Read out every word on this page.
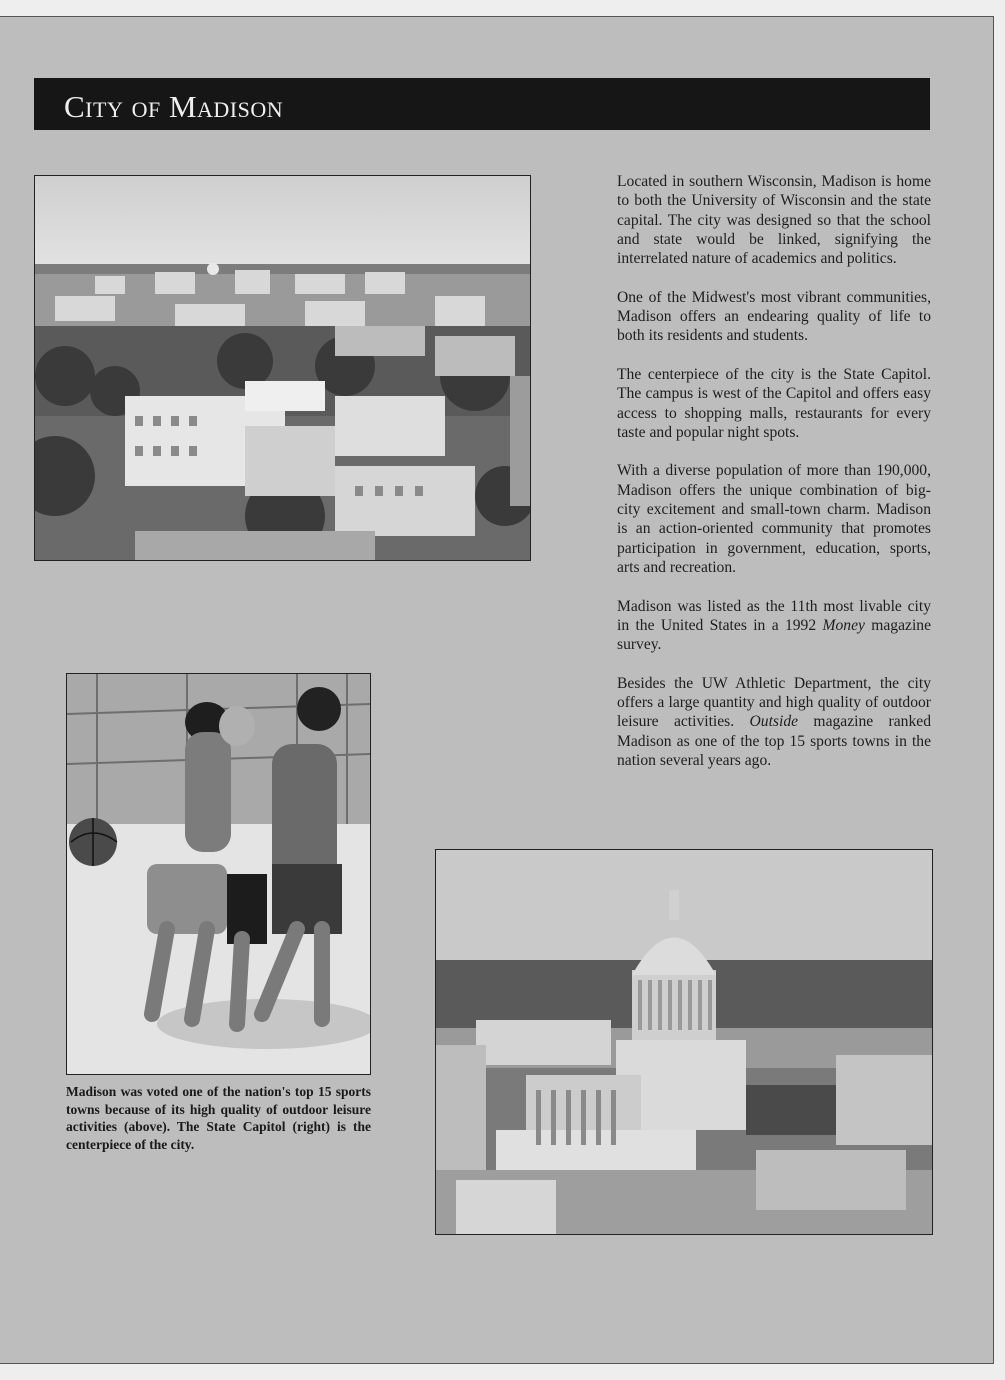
City of Madison

Located in southern Wisconsin, Madison is home to both the University of Wisconsin and the state capital. The city was designed so that the school and state would be linked, signifying the interrelated nature of academics and politics.

One of the Midwest's most vibrant communities, Madison offers an endearing quality of life to both its residents and students.

The centerpiece of the city is the State Capitol. The campus is west of the Capitol and offers easy access to shopping malls, restaurants for every taste and popular night spots.

With a diverse population of more than 190,000, Madison offers the unique combination of big-city excitement and small-town charm. Madison is an action-oriented community that promotes participation in government, education, sports, arts and recreation.

Madison was listed as the 11th most livable city in the United States in a 1992 Money magazine survey.

Besides the UW Athletic Department, the city offers a large quantity and high quality of outdoor leisure activities. Outside magazine ranked Madison as one of the top 15 sports towns in the nation several years ago.

Madison was voted one of the nation's top 15 sports towns because of its high quality of outdoor leisure activities (above). The State Capitol (right) is the centerpiece of the city.
